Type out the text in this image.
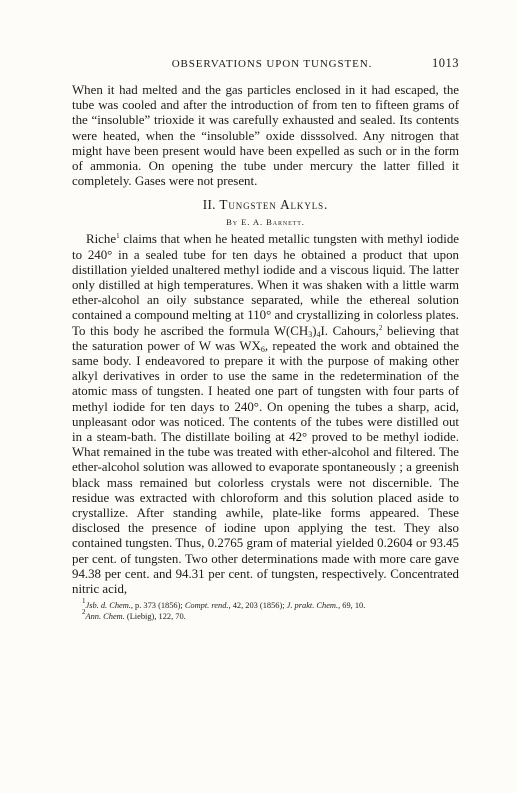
OBSERVATIONS UPON TUNGSTEN.	1013

When it had melted and the gas particles enclosed in it had escaped, the tube was cooled and after the introduction of from ten to fifteen grams of the “insoluble” trioxide it was carefully exhausted and sealed. Its contents were heated, when the “insoluble” oxide disssolved. Any nitrogen that might have been present would have been expelled as such or in the form of ammonia. On opening the tube under mercury the latter filled it completely. Gases were not present.

II. Tungsten Alkyls.
By E. A. Barnett.

Riche$^1$ claims that when he heated metallic tungsten with methyl iodide to 240° in a sealed tube for ten days he obtained a product that upon distillation yielded unaltered methyl iodide and a viscous liquid. The latter only distilled at high temperatures. When it was shaken with a little warm ether-alcohol an oily substance separated, while the ethereal solution contained a compound melting at 110° and crystallizing in colorless plates. To this body he ascribed the formula $W(CH_3)_4I$. Cahours,$^2$ believing that the saturation power of W was $WX_6$, repeated the work and obtained the same body. I endeavored to prepare it with the purpose of making other alkyl derivatives in order to use the same in the redetermination of the atomic mass of tungsten. I heated one part of tungsten with four parts of methyl iodide for ten days to 240°. On opening the tubes a sharp, acid, unpleasant odor was noticed. The contents of the tubes were distilled out in a steam-bath. The distillate boiling at 42° proved to be methyl iodide. What remained in the tube was treated with ether-alcohol and filtered. The ether-alcohol solution was allowed to evaporate spontaneously ; a greenish black mass remained but colorless crystals were not discernible. The residue was extracted with chloroform and this solution placed aside to crystallize. After standing awhile, plate-like forms appeared. These disclosed the presence of iodine upon applying the test. They also contained tungsten. Thus, 0.2765 gram of material yielded 0.2604 or 93.45 per cent. of tungsten. Two other determinations made with more care gave 94.38 per cent. and 94.31 per cent. of tungsten, respectively. Concentrated nitric acid,

$^1$Jsb. d. Chem., p. 373 (1856); Compt. rend., 42, 203 (1856); J. prakt. Chem., 69, 10.
$^2$Ann. Chem. (Liebig), 122, 70.
